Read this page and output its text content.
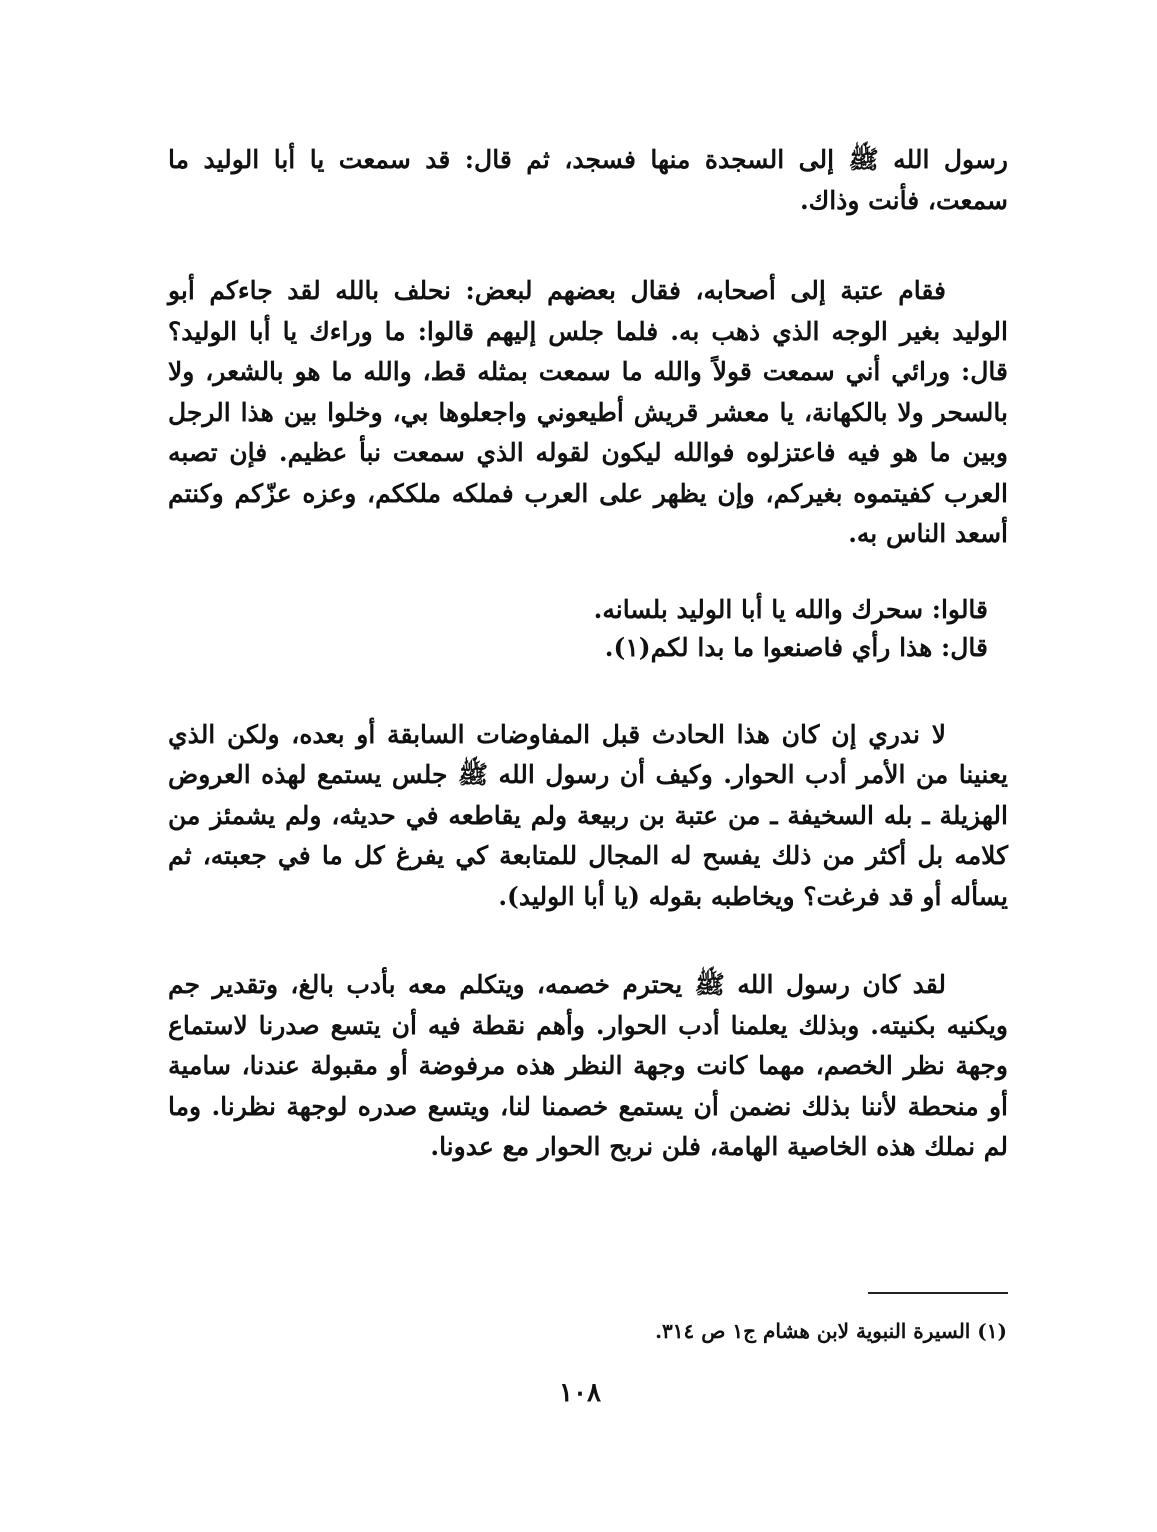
رسول الله ﷺ إلى السجدة منها فسجد، ثم قال: قد سمعت يا أبا الوليد ما سمعت، فأنت وذاك.

فقام عتبة إلى أصحابه، فقال بعضهم لبعض: نحلف بالله لقد جاءكم أبو الوليد بغير الوجه الذي ذهب به. فلما جلس إليهم قالوا: ما وراءك يا أبا الوليد؟ قال: ورائي أني سمعت قولاً والله ما سمعت بمثله قط، والله ما هو بالشعر، ولا بالسحر ولا بالكهانة، يا معشر قريش أطيعوني واجعلوها بي، وخلوا بين هذا الرجل وبين ما هو فيه فاعتزلوه فوالله ليكون لقوله الذي سمعت نبأ عظيم. فإن تصبه العرب كفيتموه بغيركم، وإن يظهر على العرب فملكه ملككم، وعزه عزّكم وكنتم أسعد الناس به.

قالوا: سحرك والله يا أبا الوليد بلسانه.
قال: هذا رأي فاصنعوا ما بدا لكم(١).

لا ندري إن كان هذا الحادث قبل المفاوضات السابقة أو بعده، ولكن الذي يعنينا من الأمر أدب الحوار. وكيف أن رسول الله ﷺ جلس يستمع لهذه العروض الهزيلة ـ بله السخيفة ـ من عتبة بن ربيعة ولم يقاطعه في حديثه، ولم يشمئز من كلامه بل أكثر من ذلك يفسح له المجال للمتابعة كي يفرغ كل ما في جعبته، ثم يسأله أو قد فرغت؟ ويخاطبه بقوله (يا أبا الوليد).

لقد كان رسول الله ﷺ يحترم خصمه، ويتكلم معه بأدب بالغ، وتقدير جم ويكنيه بكنيته. وبذلك يعلمنا أدب الحوار. وأهم نقطة فيه أن يتسع صدرنا لاستماع وجهة نظر الخصم، مهما كانت وجهة النظر هذه مرفوضة أو مقبولة عندنا، سامية أو منحطة لأننا بذلك نضمن أن يستمع خصمنا لنا، ويتسع صدره لوجهة نظرنا. وما لم نملك هذه الخاصية الهامة، فلن نربح الحوار مع عدونا.

(١) السيرة النبوية لابن هشام ج١ ص ٣١٤.
١٠٨
